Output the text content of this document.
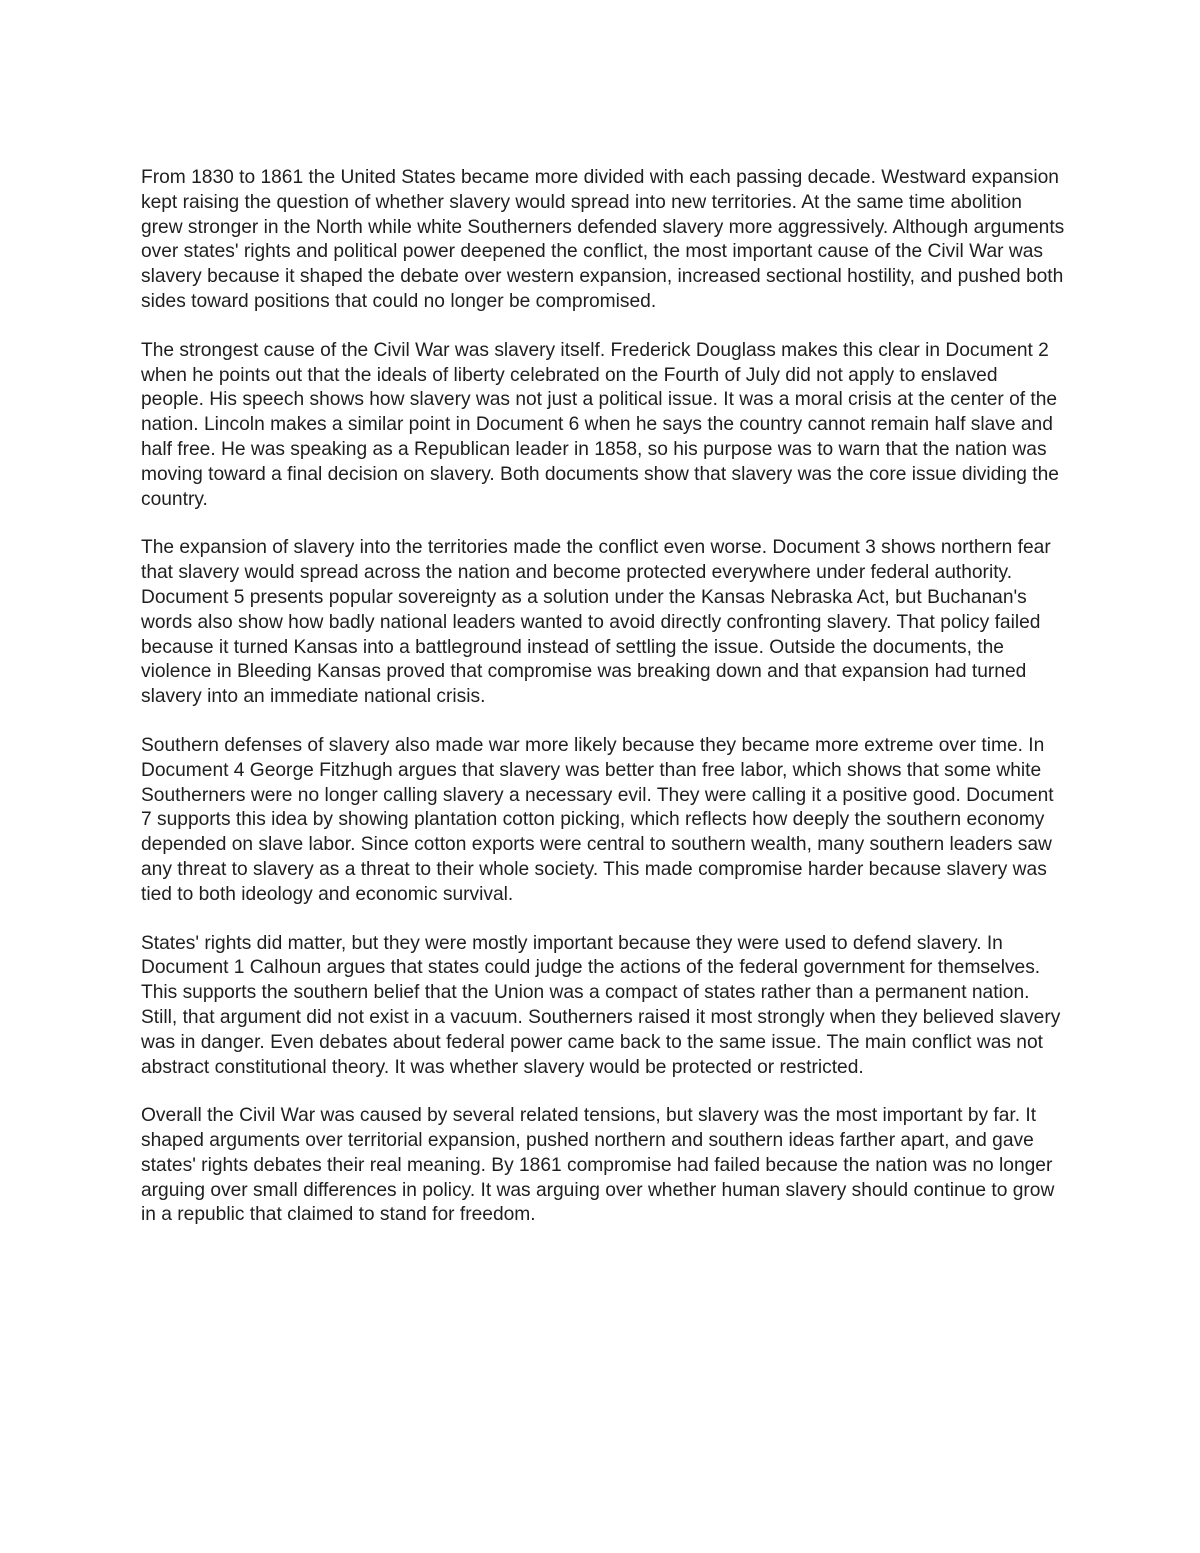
From 1830 to 1861 the United States became more divided with each passing decade. Westward expansion kept raising the question of whether slavery would spread into new territories. At the same time abolition grew stronger in the North while white Southerners defended slavery more aggressively. Although arguments over states' rights and political power deepened the conflict, the most important cause of the Civil War was slavery because it shaped the debate over western expansion, increased sectional hostility, and pushed both sides toward positions that could no longer be compromised.

The strongest cause of the Civil War was slavery itself. Frederick Douglass makes this clear in Document 2 when he points out that the ideals of liberty celebrated on the Fourth of July did not apply to enslaved people. His speech shows how slavery was not just a political issue. It was a moral crisis at the center of the nation. Lincoln makes a similar point in Document 6 when he says the country cannot remain half slave and half free. He was speaking as a Republican leader in 1858, so his purpose was to warn that the nation was moving toward a final decision on slavery. Both documents show that slavery was the core issue dividing the country.

The expansion of slavery into the territories made the conflict even worse. Document 3 shows northern fear that slavery would spread across the nation and become protected everywhere under federal authority. Document 5 presents popular sovereignty as a solution under the Kansas Nebraska Act, but Buchanan's words also show how badly national leaders wanted to avoid directly confronting slavery. That policy failed because it turned Kansas into a battleground instead of settling the issue. Outside the documents, the violence in Bleeding Kansas proved that compromise was breaking down and that expansion had turned slavery into an immediate national crisis.

Southern defenses of slavery also made war more likely because they became more extreme over time. In Document 4 George Fitzhugh argues that slavery was better than free labor, which shows that some white Southerners were no longer calling slavery a necessary evil. They were calling it a positive good. Document 7 supports this idea by showing plantation cotton picking, which reflects how deeply the southern economy depended on slave labor. Since cotton exports were central to southern wealth, many southern leaders saw any threat to slavery as a threat to their whole society. This made compromise harder because slavery was tied to both ideology and economic survival.

States' rights did matter, but they were mostly important because they were used to defend slavery. In Document 1 Calhoun argues that states could judge the actions of the federal government for themselves. This supports the southern belief that the Union was a compact of states rather than a permanent nation. Still, that argument did not exist in a vacuum. Southerners raised it most strongly when they believed slavery was in danger. Even debates about federal power came back to the same issue. The main conflict was not abstract constitutional theory. It was whether slavery would be protected or restricted.

Overall the Civil War was caused by several related tensions, but slavery was the most important by far. It shaped arguments over territorial expansion, pushed northern and southern ideas farther apart, and gave states' rights debates their real meaning. By 1861 compromise had failed because the nation was no longer arguing over small differences in policy. It was arguing over whether human slavery should continue to grow in a republic that claimed to stand for freedom.
